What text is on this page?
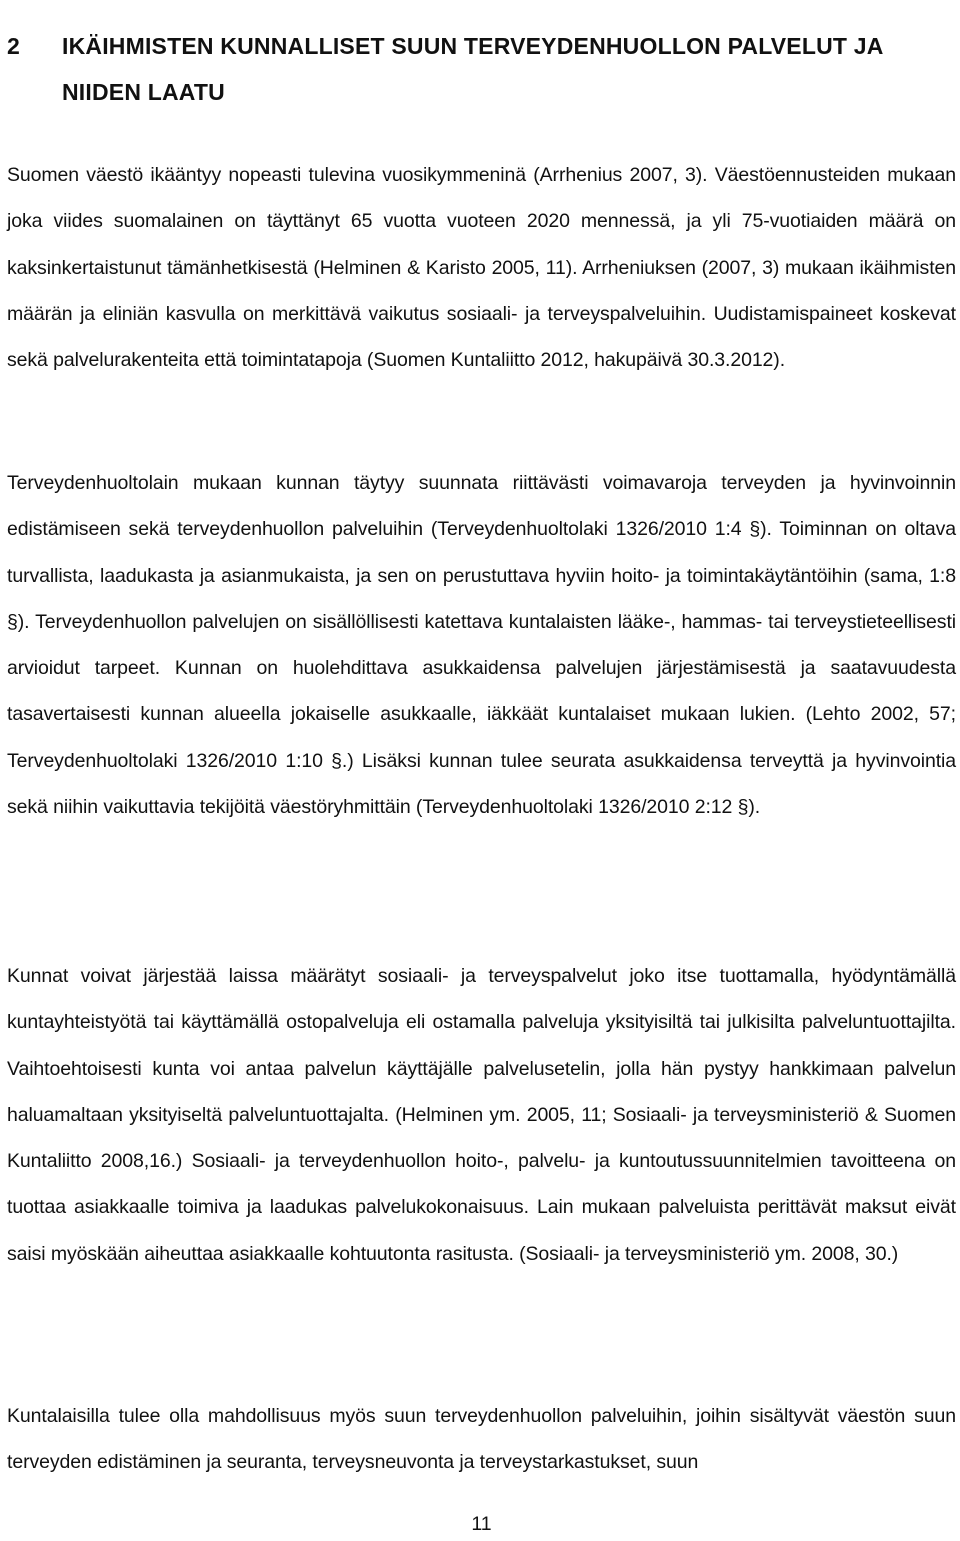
2 IKÄIHMISTEN KUNNALLISET SUUN TERVEYDENHUOLLON PALVELUT JA NIIDEN LAATU

Suomen väestö ikääntyy nopeasti tulevina vuosikymmeninä (Arrhenius 2007, 3). Väestöennusteiden mukaan joka viides suomalainen on täyttänyt 65 vuotta vuoteen 2020 mennessä, ja yli 75-vuotiaiden määrä on kaksinkertaistunut tämänhetkisestä (Helminen & Karisto 2005, 11). Arrheniuksen (2007, 3) mukaan ikäihmisten määrän ja eliniän kasvulla on merkittävä vaikutus sosiaali- ja terveyspalveluihin. Uudistamispaineet koskevat sekä palvelurakenteita että toimintatapoja (Suomen Kuntaliitto 2012, hakupäivä 30.3.2012).

Terveydenhuoltolain mukaan kunnan täytyy suunnata riittävästi voimavaroja terveyden ja hyvinvoinnin edistämiseen sekä terveydenhuollon palveluihin (Terveydenhuoltolaki 1326/2010 1:4 §). Toiminnan on oltava turvallista, laadukasta ja asianmukaista, ja sen on perustuttava hyviin hoito- ja toimintakäytäntöihin (sama, 1:8 §). Terveydenhuollon palvelujen on sisällöllisesti katettava kuntalaisten lääke-, hammas- tai terveystieteellisesti arvioidut tarpeet. Kunnan on huolehdittava asukkaidensa palvelujen järjestämisestä ja saatavuudesta tasavertaisesti kunnan alueella jokaiselle asukkaalle, iäkkäät kuntalaiset mukaan lukien. (Lehto 2002, 57; Terveydenhuoltolaki 1326/2010 1:10 §.) Lisäksi kunnan tulee seurata asukkaidensa terveyttä ja hyvinvointia sekä niihin vaikuttavia tekijöitä väestöryhmittäin (Terveydenhuoltolaki 1326/2010 2:12 §).

Kunnat voivat järjestää laissa määrätyt sosiaali- ja terveyspalvelut joko itse tuottamalla, hyödyntämällä kuntayhteistyötä tai käyttämällä ostopalveluja eli ostamalla palveluja yksityisiltä tai julkisilta palveluntuottajilta. Vaihtoehtoisesti kunta voi antaa palvelun käyttäjälle palvelusetelin, jolla hän pystyy hankkimaan palvelun haluamaltaan yksityiseltä palveluntuottajalta. (Helminen ym. 2005, 11; Sosiaali- ja terveysministeriö & Suomen Kuntaliitto 2008,16.) Sosiaali- ja terveydenhuollon hoito-, palvelu- ja kuntoutussuunnitelmien tavoitteena on tuottaa asiakkaalle toimiva ja laadukas palvelukokonaisuus. Lain mukaan palveluista perittävät maksut eivät saisi myöskään aiheuttaa asiakkaalle kohtuutonta rasitusta. (Sosiaali- ja terveysministeriö ym. 2008, 30.)

Kuntalaisilla tulee olla mahdollisuus myös suun terveydenhuollon palveluihin, joihin sisältyvät väestön suun terveyden edistäminen ja seuranta, terveysneuvonta ja terveystarkastukset, suun

11
